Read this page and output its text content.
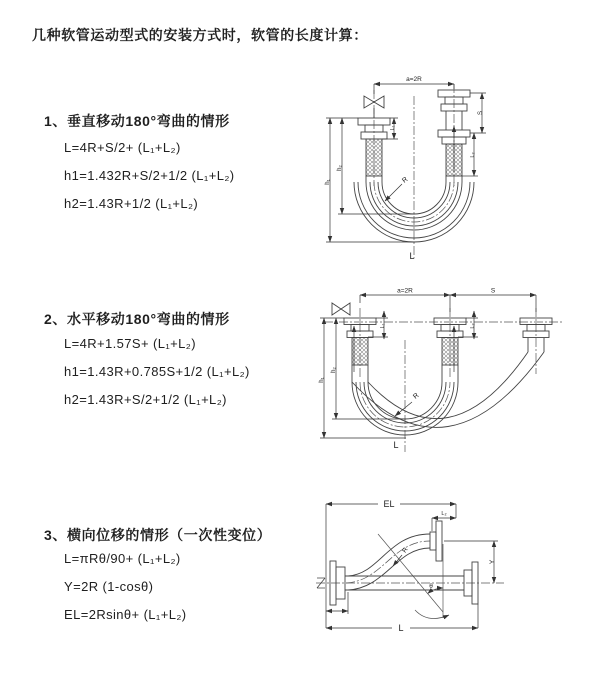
几种软管运动型式的安装方式时，软管的长度计算：
1、垂直移动180°弯曲的情形
L=4R+S/2+ (L₁+L₂)
h1=1.432R+S/2+1/2 (L₁+L₂)
h2=1.43R+1/2 (L₁+L₂)
2、水平移动180°弯曲的情形
L=4R+1.57S+ (L₁+L₂)
h1=1.43R+0.785S+1/2 (L₁+L₂)
h2=1.43R+S/2+1/2 (L₁+L₂)
3、横向位移的情形（一次性变位）
L=πRθ/90+ (L₁+L₂)
Y=2R (1-cosθ)
EL=2Rsinθ+ (L₁+L₂)
a=2R
h₁
h₂
L₁
S
L₂
R
L
a=2R	S
h₁
h₂
L₁	L₂
R
L
EL
L₂
Y
R
θ
L
